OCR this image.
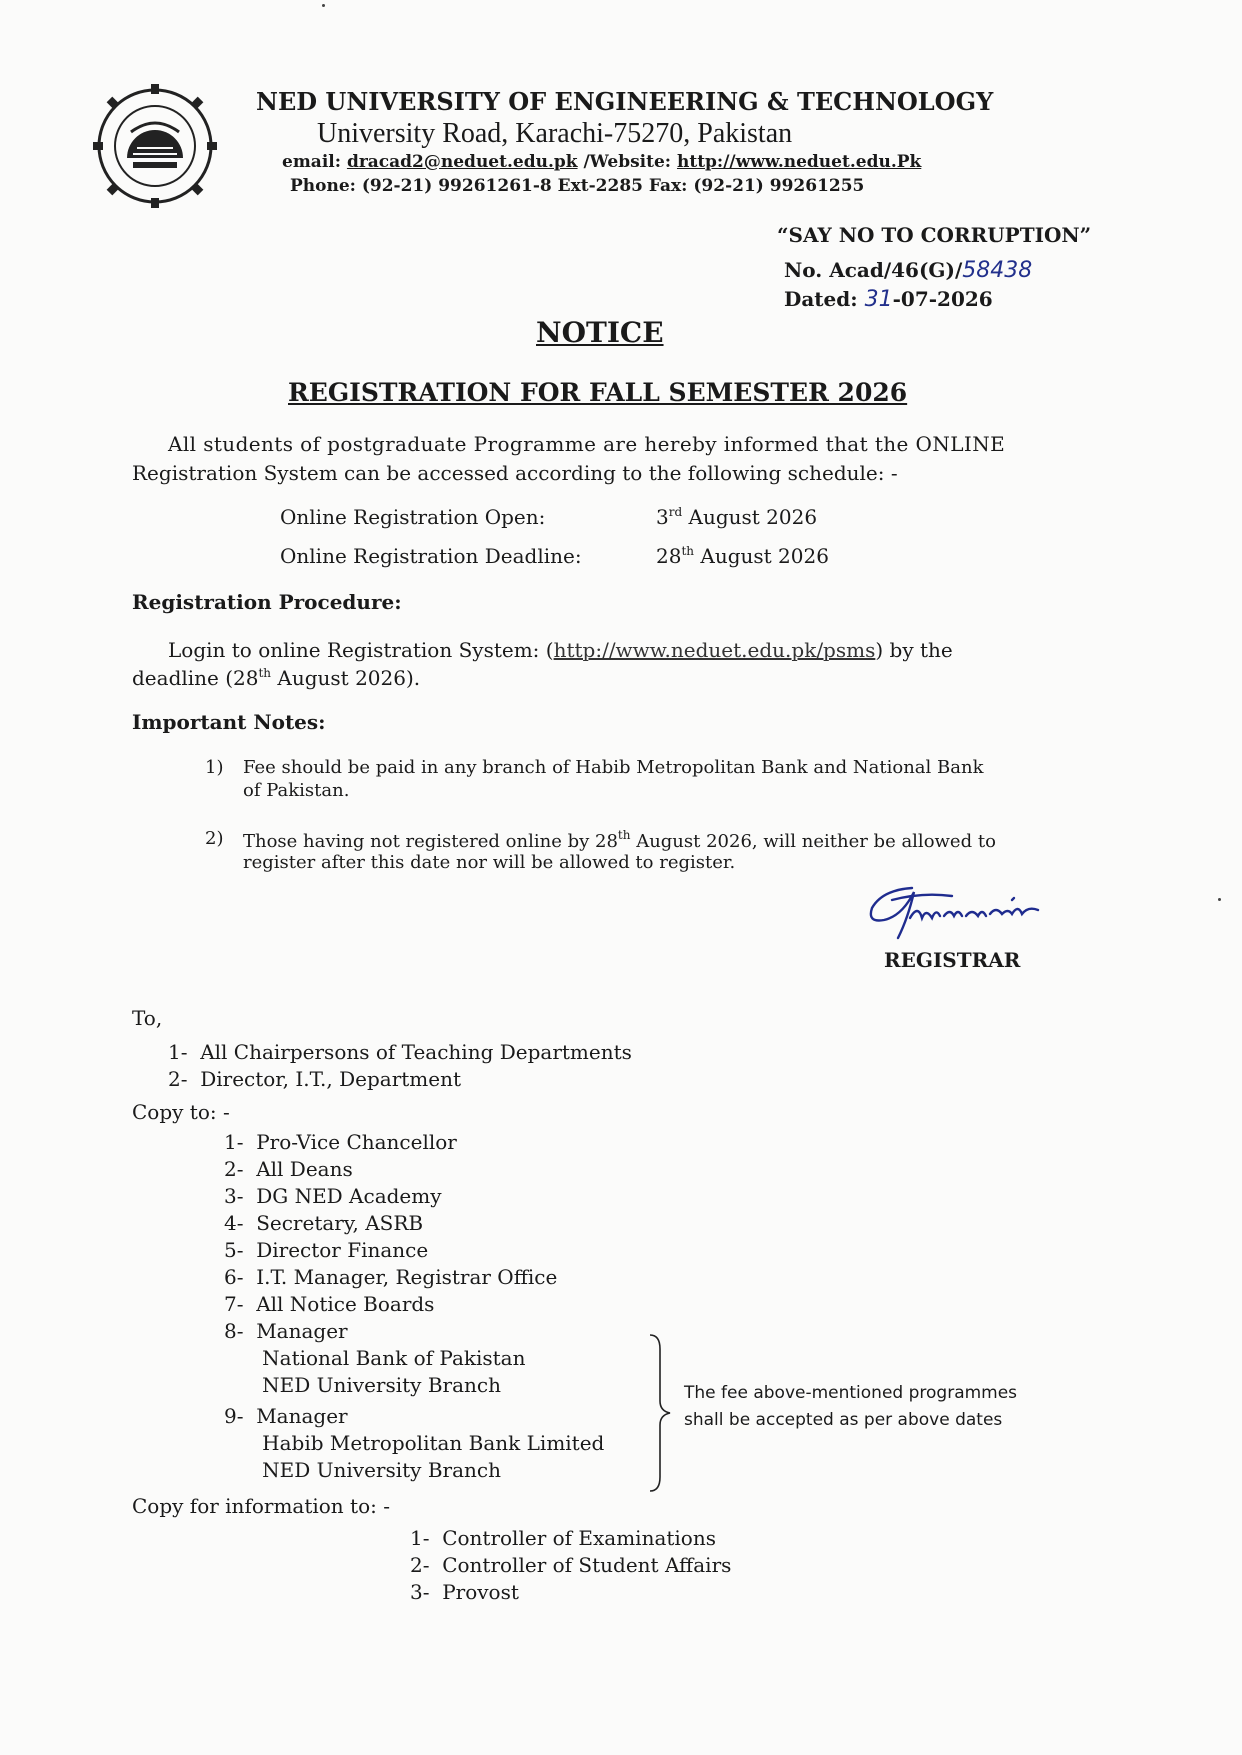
NED UNIVERSITY OF ENGINEERING & TECHNOLOGY
University Road, Karachi-75270, Pakistan
email: dracad2@neduet.edu.pk /Website: http://www.neduet.edu.Pk
Phone: (92-21) 99261261-8 Ext-2285 Fax: (92-21) 99261255
“SAY NO TO CORRUPTION”
No. Acad/46(G)/58438
Dated: 31-07-2026
NOTICE
REGISTRATION FOR FALL SEMESTER 2026
All students of postgraduate Programme are hereby informed that the ONLINE
Registration System can be accessed according to the following schedule: -
Online Registration Open:	3rd August 2026
Online Registration Deadline:	28th August 2026
Registration Procedure:
Login to online Registration System: (http://www.neduet.edu.pk/psms) by the
deadline (28th August 2026).
Important Notes:
1) Fee should be paid in any branch of Habib Metropolitan Bank and National Bank
of Pakistan.
2) Those having not registered online by 28th August 2026, will neither be allowed to
register after this date nor will be allowed to register.
REGISTRAR
To,
1-  All Chairpersons of Teaching Departments
2-  Director, I.T., Department
Copy to: -
1-  Pro-Vice Chancellor
2-  All Deans
3-  DG NED Academy
4-  Secretary, ASRB
5-  Director Finance
6-  I.T. Manager, Registrar Office
7-  All Notice Boards
8-  Manager
National Bank of Pakistan
NED University Branch
9-  Manager
Habib Metropolitan Bank Limited
NED University Branch
The fee above-mentioned programmes
shall be accepted as per above dates
Copy for information to: -
1-  Controller of Examinations
2-  Controller of Student Affairs
3-  Provost
